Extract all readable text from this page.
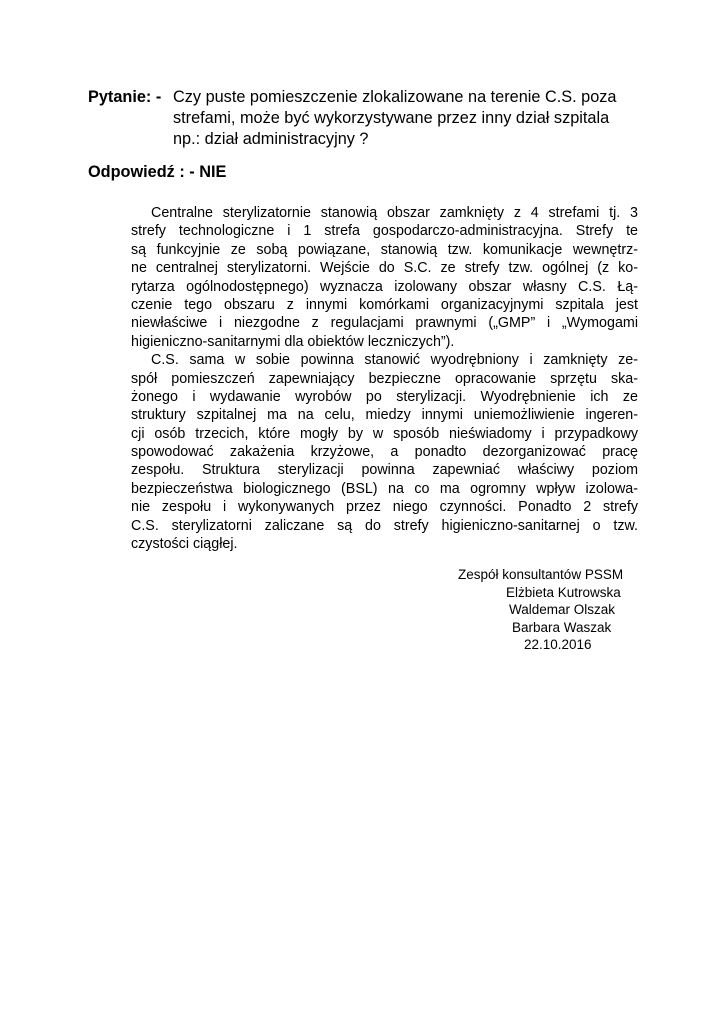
Pytanie: - Czy puste pomieszczenie zlokalizowane na terenie C.S. poza
strefami, może być wykorzystywane przez inny dział szpitala
np.: dział administracyjny ?
Odpowiedź : - NIE
Centralne sterylizatornie stanowią obszar zamknięty z 4 strefami tj. 3
strefy technologiczne i 1 strefa gospodarczo-administracyjna. Strefy te
są funkcyjnie ze sobą powiązane, stanowią tzw. komunikacje wewnętrz-
ne centralnej sterylizatorni. Wejście do S.C. ze strefy tzw. ogólnej (z ko-
rytarza ogólnodostępnego) wyznacza izolowany obszar własny C.S. Łą-
czenie tego obszaru z innymi komórkami organizacyjnymi szpitala jest
niewłaściwe i niezgodne z regulacjami prawnymi („GMP” i „Wymogami
higieniczno-sanitarnymi dla obiektów leczniczych”).
C.S. sama w sobie powinna stanowić wyodrębniony i zamknięty ze-
spół pomieszczeń zapewniający bezpieczne opracowanie sprzętu ska-
żonego i wydawanie wyrobów po sterylizacji. Wyodrębnienie ich ze
struktury szpitalnej ma na celu, miedzy innymi uniemożliwienie ingeren-
cji osób trzecich, które mogły by w sposób nieświadomy i przypadkowy
spowodować zakażenia krzyżowe, a ponadto dezorganizować pracę
zespołu. Struktura sterylizacji powinna zapewniać właściwy poziom
bezpieczeństwa biologicznego (BSL) na co ma ogromny wpływ izolowa-
nie zespołu i wykonywanych przez niego czynności. Ponadto 2 strefy
C.S. sterylizatorni zaliczane są do strefy higieniczno-sanitarnej o tzw.
czystości ciągłej.
Zespół konsultantów PSSM
Elżbieta Kutrowska
Waldemar Olszak
Barbara Waszak
22.10.2016
